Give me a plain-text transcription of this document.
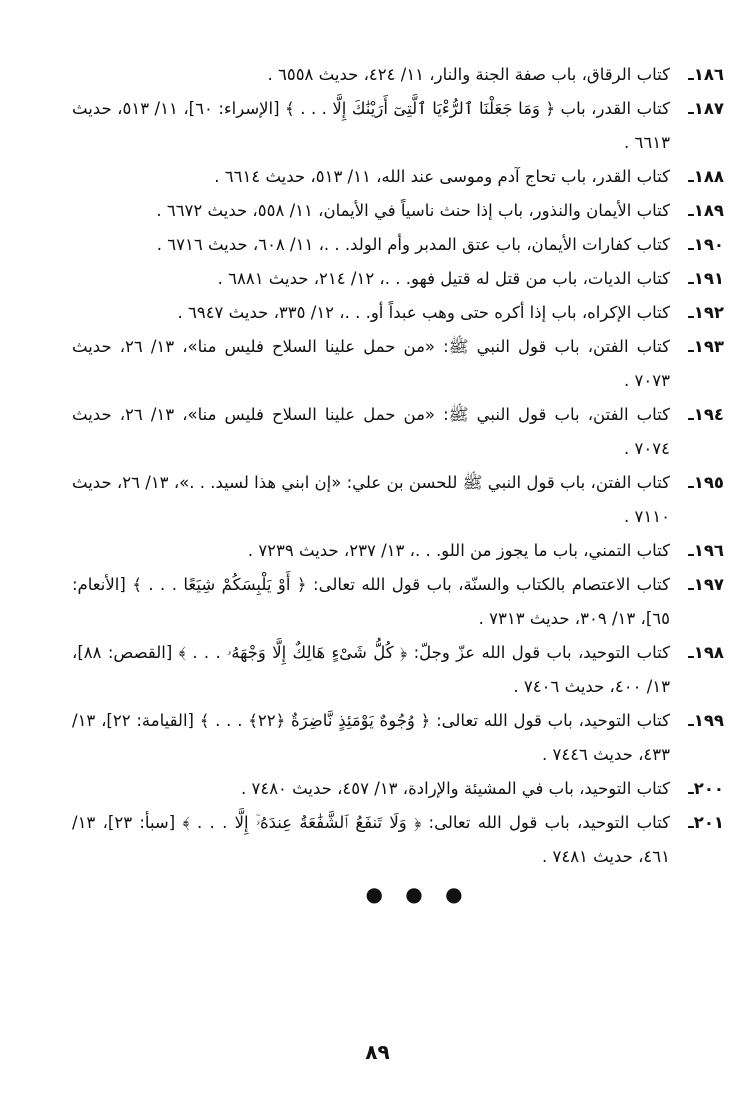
١٨٦ـ
كتاب الرقاق، باب صفة الجنة والنار، ١١/ ٤٢٤، حديث ٦٥٥٨ .
١٨٧ـ
كتاب القدر، باب ﴿ وَمَا جَعَلْنَا ٱلرُّءْيَا ٱلَّتِىٓ أَرَيْنَٰكَ إِلَّا . . . ﴾ [الإسراء: ٦٠]، ١١/ ٥١٣، حديث ٦٦١٣ .
١٨٨ـ
كتاب القدر، باب تحاج آدم وموسى عند الله، ١١/ ٥١٣، حديث ٦٦١٤ .
١٨٩ـ
كتاب الأيمان والنذور، باب إذا حنث ناسياً في الأيمان، ١١/ ٥٥٨، حديث ٦٦٧٢ .
١٩٠ـ
كتاب كفارات الأيمان، باب عتق المدبر وأم الولد. . .، ١١/ ٦٠٨، حديث ٦٧١٦ .
١٩١ـ
كتاب الديات، باب من قتل له قتيل فهو. . .، ١٢/ ٢١٤، حديث ٦٨٨١ .
١٩٢ـ
كتاب الإكراه، باب إذا أكره حتى وهب عبداً أو. . .، ١٢/ ٣٣٥، حديث ٦٩٤٧ .
١٩٣ـ
كتاب الفتن، باب قول النبي ﷺ: «من حمل علينا السلاح فليس منا»، ١٣/ ٢٦، حديث ٧٠٧٣ .
١٩٤ـ
كتاب الفتن، باب قول النبي ﷺ: «من حمل علينا السلاح فليس منا»، ١٣/ ٢٦، حديث ٧٠٧٤ .
١٩٥ـ
كتاب الفتن، باب قول النبي ﷺ للحسن بن علي: «إن ابني هذا لسيد. . .»، ١٣/ ٢٦، حديث ٧١١٠ .
١٩٦ـ
كتاب التمني، باب ما يجوز من اللو. . .، ١٣/ ٢٣٧، حديث ٧٢٣٩ .
١٩٧ـ
كتاب الاعتصام بالكتاب والسنّة، باب قول الله تعالى: ﴿ أَوْ يَلْبِسَكُمْ شِيَعًا . . . ﴾ [الأنعام: ٦٥]، ١٣/ ٣٠٩، حديث ٧٣١٣ .
١٩٨ـ
كتاب التوحيد، باب قول الله عزّ وجلّ: ﴿ كُلُّ شَىْءٍ هَالِكٌ إِلَّا وَجْهَهُۥ . . . ﴾ [القصص: ٨٨]، ١٣/ ٤٠٠، حديث ٧٤٠٦ .
١٩٩ـ
كتاب التوحيد، باب قول الله تعالى: ﴿ وُجُوهٌ يَوْمَئِذٍ نَّاضِرَةٌ ﴿٢٢﴾ . . . ﴾ [القيامة: ٢٢]، ١٣/ ٤٣٣، حديث ٧٤٤٦ .
٢٠٠ـ
كتاب التوحيد، باب في المشيئة والإرادة، ١٣/ ٤٥٧، حديث ٧٤٨٠ .
٢٠١ـ
كتاب التوحيد، باب قول الله تعالى: ﴿ وَلَا تَنفَعُ ٱلشَّفَٰعَةُ عِندَهُۥٓ إِلَّا . . . ﴾ [سبأ: ٢٣]، ١٣/ ٤٦١، حديث ٧٤٨١ .
● ● ●
٨٩
